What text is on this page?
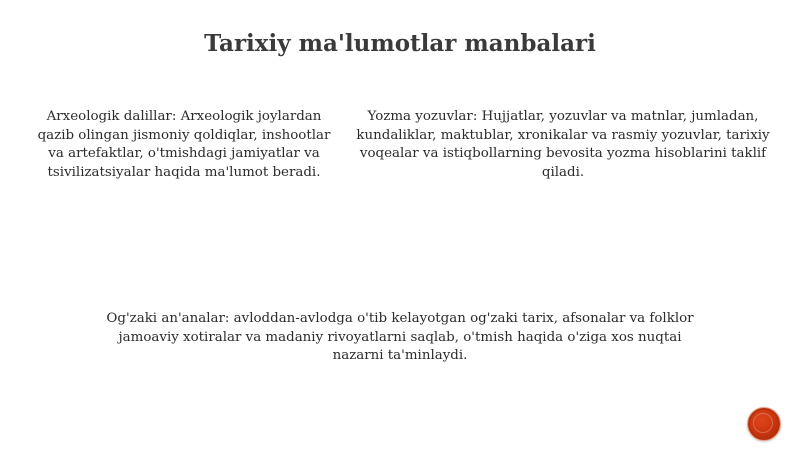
Tarixiy ma'lumotlar manbalari
Arxeologik dalillar: Arxeologik joylardan qazib olingan jismoniy qoldiqlar, inshootlar va artefaktlar, o'tmishdagi jamiyatlar va tsivilizatsiyalar haqida ma'lumot beradi.
Yozma yozuvlar: Hujjatlar, yozuvlar va matnlar, jumladan, kundaliklar, maktublar, xronikalar va rasmiy yozuvlar, tarixiy voqealar va istiqbollarning bevosita yozma hisoblarini taklif qiladi.
Og'zaki an'analar: avloddan-avlodga o'tib kelayotgan og'zaki tarix, afsonalar va folklor jamoaviy xotiralar va madaniy rivoyatlarni saqlab, o'tmish haqida o'ziga xos nuqtai nazarni ta'minlaydi.
